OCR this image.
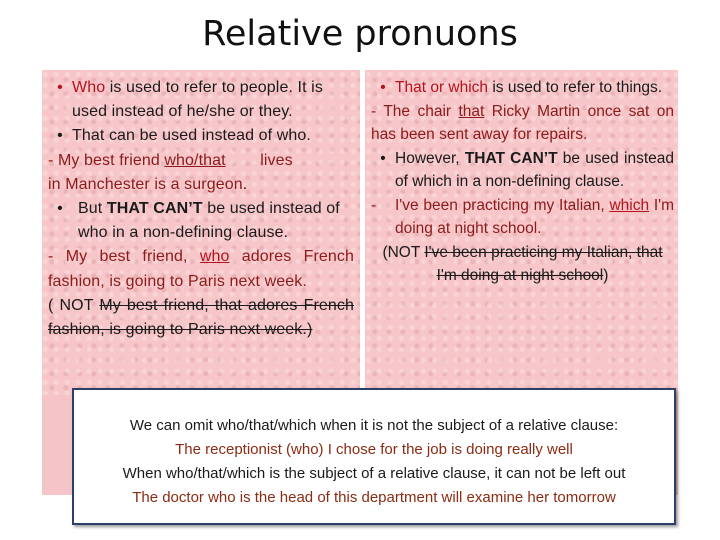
Relative pronuons
• Who is used to refer to people. It is used instead of he/she or they.
• That can be used instead of who.
- My best friend who/that lives
in Manchester is a surgeon.
• But THAT CAN’T be used instead of who in a non-defining clause.
- My best friend, who adores French fashion, is going to Paris next week.
( NOT My best friend, that adores French fashion, is going to Paris next week.)
• That or which is used to refer to things.
- The chair that Ricky Martin once sat on has been sent away for repairs.
• However, THAT CAN’T be used instead of which in a non-defining clause.
-	I've been practicing my Italian, which I'm doing at night school.
(NOT I've been practicing my Italian, that I'm doing at night school)
We can omit who/that/which when it is not the subject of a relative clause:
The receptionist (who) I chose for the job is doing really well
When who/that/which is the subject of a relative clause, it can not be left out
The doctor who is the head of this department will examine her tomorrow
